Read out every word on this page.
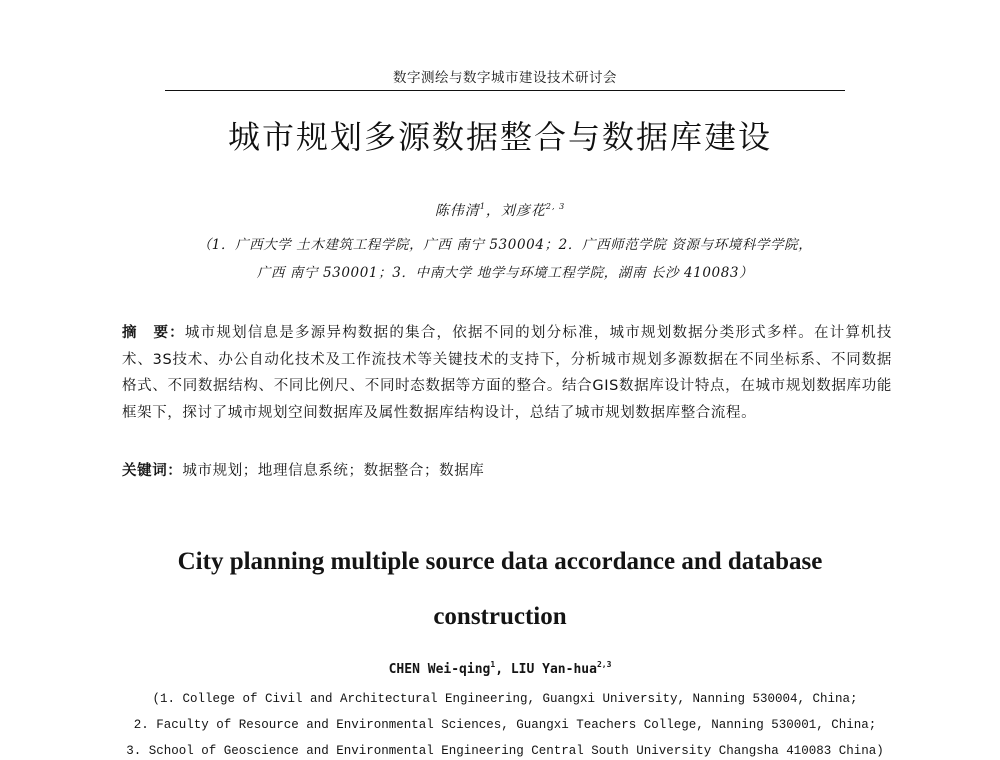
数字测绘与数字城市建设技术研讨会
城市规划多源数据整合与数据库建设
陈伟清$^1$，刘彦花$^{2, 3}$
（1．广西大学 土木建筑工程学院，广西 南宁 530004；2．广西师范学院 资源与环境科学学院，
广西 南宁 530001；3．中南大学 地学与环境工程学院，湖南 长沙 410083）
摘　要：城市规划信息是多源异构数据的集合，依据不同的划分标准，城市规划数据分类形式多样。在计算机技术、3S技术、办公自动化技术及工作流技术等关键技术的支持下，分析城市规划多源数据在不同坐标系、不同数据格式、不同数据结构、不同比例尺、不同时态数据等方面的整合。结合GIS数据库设计特点，在城市规划数据库功能框架下，探讨了城市规划空间数据库及属性数据库结构设计，总结了城市规划数据库整合流程。
关键词：城市规划；地理信息系统；数据整合；数据库
City planning multiple source data accordance and database
construction
CHEN Wei-qing$^1$, LIU Yan-hua$^{2,3}$
(1. College of Civil and Architectural Engineering, Guangxi University, Nanning 530004, China;
2. Faculty of Resource and Environmental Sciences, Guangxi Teachers College, Nanning 530001, China;
3. School of Geoscience and Environmental Engineering Central South University Changsha 410083 China)
